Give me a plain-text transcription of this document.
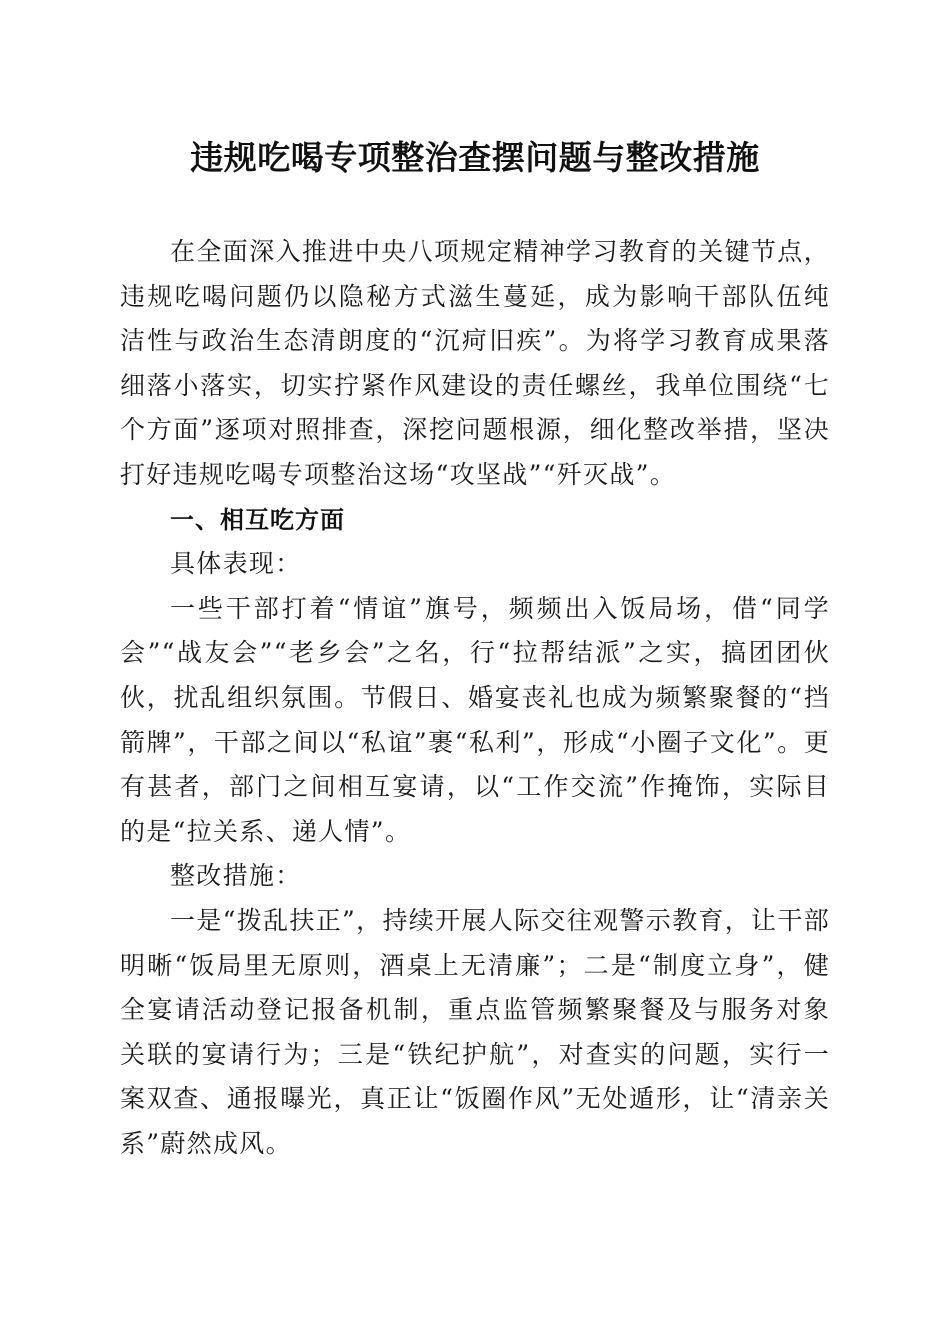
违规吃喝专项整治查摆问题与整改措施

在全面深入推进中央八项规定精神学习教育的关键节点，违规吃喝问题仍以隐秘方式滋生蔓延，成为影响干部队伍纯洁性与政治生态清朗度的“沉疴旧疾”。为将学习教育成果落细落小落实，切实拧紧作风建设的责任螺丝，我单位围绕“七个方面”逐项对照排查，深挖问题根源，细化整改举措，坚决打好违规吃喝专项整治这场“攻坚战”“歼灭战”。

一、相互吃方面

具体表现：

一些干部打着“情谊”旗号，频频出入饭局场，借“同学会”“战友会”“老乡会”之名，行“拉帮结派”之实，搞团团伙伙，扰乱组织氛围。节假日、婚宴丧礼也成为频繁聚餐的“挡箭牌”，干部之间以“私谊”裹“私利”，形成“小圈子文化”。更有甚者，部门之间相互宴请，以“工作交流”作掩饰，实际目的是“拉关系、递人情”。

整改措施：

一是“拨乱扶正”，持续开展人际交往观警示教育，让干部明晰“饭局里无原则，酒桌上无清廉”；二是“制度立身”，健全宴请活动登记报备机制，重点监管频繁聚餐及与服务对象关联的宴请行为；三是“铁纪护航”，对查实的问题，实行一案双查、通报曝光，真正让“饭圈作风”无处遁形，让“清亲关系”蔚然成风。
